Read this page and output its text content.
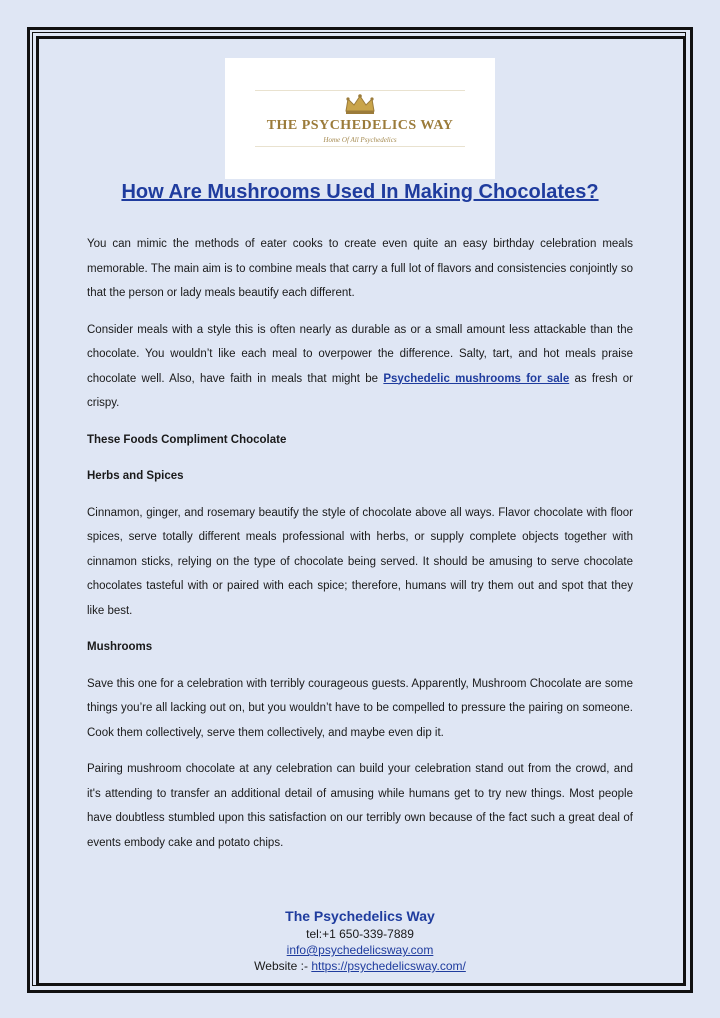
THE PSYCHEDELICS WAY
Home Of All Psychedelics
How Are Mushrooms Used In Making Chocolates?

You can mimic the methods of eater cooks to create even quite an easy birthday celebration meals memorable. The main aim is to combine meals that carry a full lot of flavors and consistencies conjointly so that the person or lady meals beautify each different.

Consider meals with a style this is often nearly as durable as or a small amount less attackable than the chocolate. You wouldn’t like each meal to overpower the difference. Salty, tart, and hot meals praise chocolate well. Also, have faith in meals that might be Psychedelic mushrooms for sale as fresh or crispy.

These Foods Compliment Chocolate

Herbs and Spices

Cinnamon, ginger, and rosemary beautify the style of chocolate above all ways. Flavor chocolate with floor spices, serve totally different meals professional with herbs, or supply complete objects together with cinnamon sticks, relying on the type of chocolate being served. It should be amusing to serve chocolate chocolates tasteful with or paired with each spice; therefore, humans will try them out and spot that they like best.

Mushrooms

Save this one for a celebration with terribly courageous guests. Apparently, Mushroom Chocolate are some things you’re all lacking out on, but you wouldn’t have to be compelled to pressure the pairing on someone. Cook them collectively, serve them collectively, and maybe even dip it.

Pairing mushroom chocolate at any celebration can build your celebration stand out from the crowd, and it's attending to transfer an additional detail of amusing while humans get to try new things. Most people have doubtless stumbled upon this satisfaction on our terribly own because of the fact such a great deal of events embody cake and potato chips.

The Psychedelics Way
tel:+1 650-339-7889
info@psychedelicsway.com
Website :- https://psychedelicsway.com/
